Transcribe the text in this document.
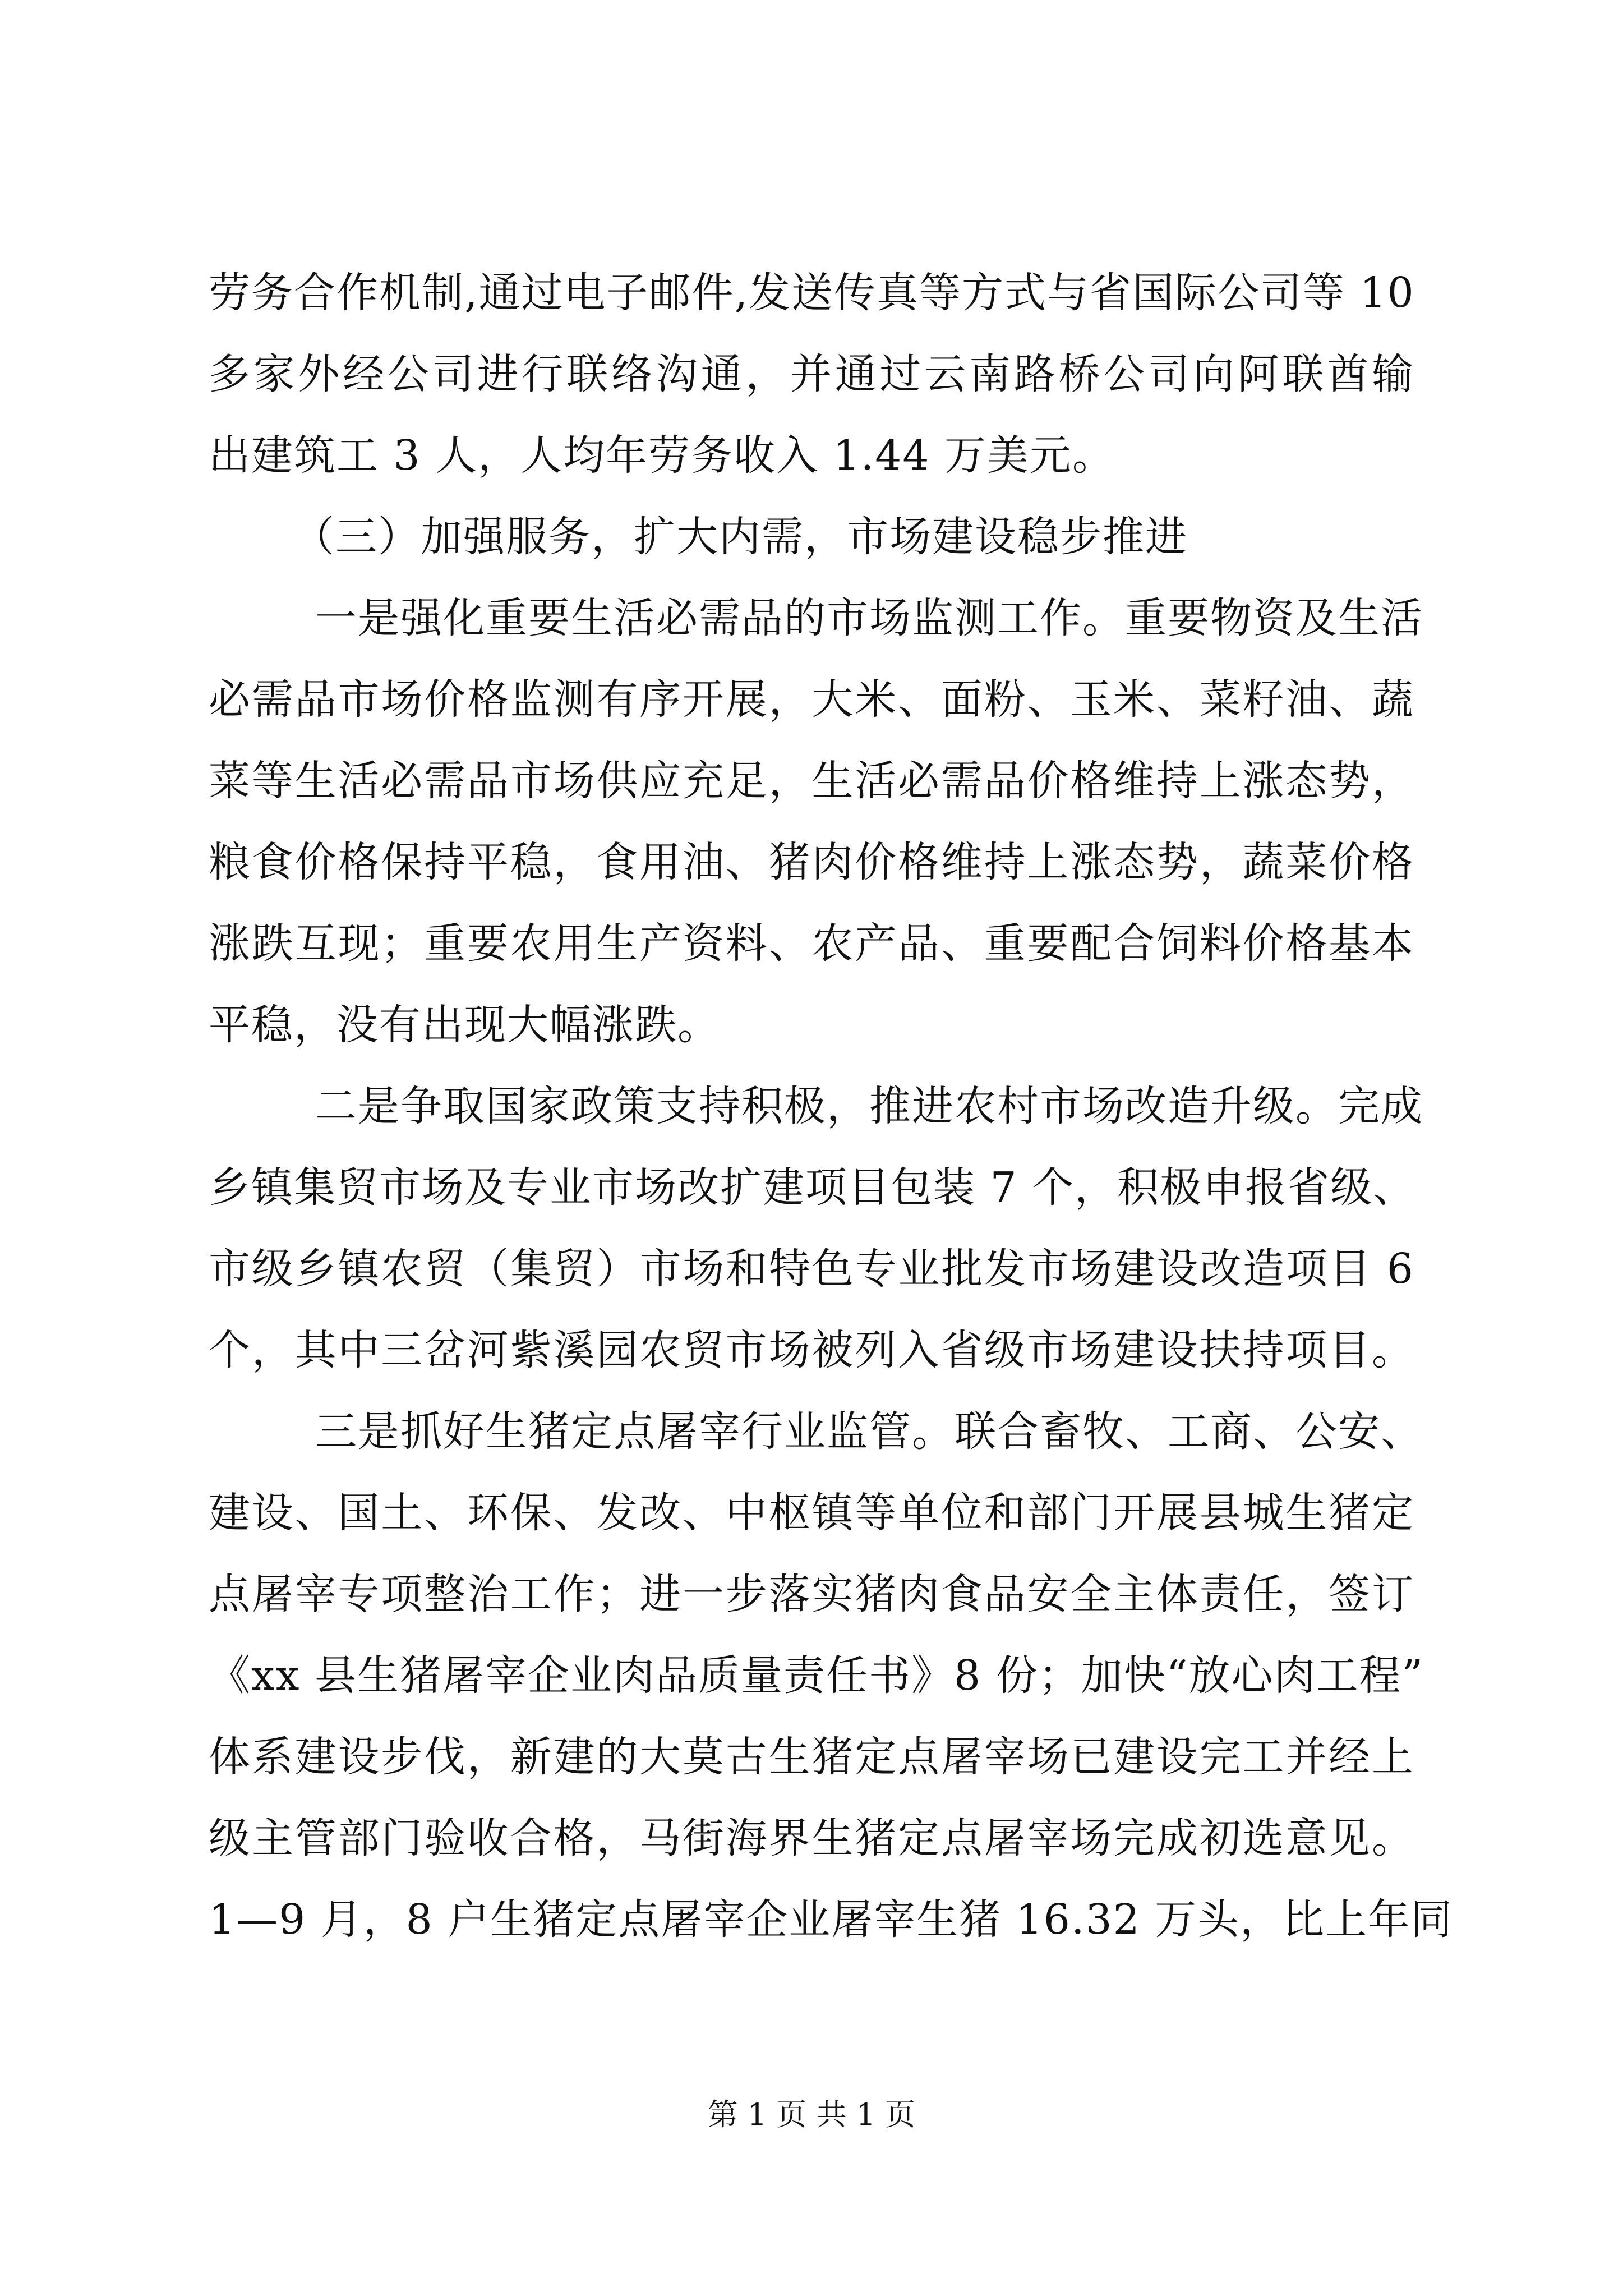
劳务合作机制,通过电子邮件,发送传真等方式与省国际公司等 10
多家外经公司进行联络沟通，并通过云南路桥公司向阿联酋输
出建筑工 3 人，人均年劳务收入 1.44 万美元。
（三）加强服务，扩大内需，市场建设稳步推进
一是强化重要生活必需品的市场监测工作。重要物资及生活
必需品市场价格监测有序开展，大米、面粉、玉米、菜籽油、蔬
菜等生活必需品市场供应充足，生活必需品价格维持上涨态势，
粮食价格保持平稳，食用油、猪肉价格维持上涨态势，蔬菜价格
涨跌互现；重要农用生产资料、农产品、重要配合饲料价格基本
平稳，没有出现大幅涨跌。
二是争取国家政策支持积极，推进农村市场改造升级。完成
乡镇集贸市场及专业市场改扩建项目包装 7 个，积极申报省级、
市级乡镇农贸（集贸）市场和特色专业批发市场建设改造项目 6
个，其中三岔河紫溪园农贸市场被列入省级市场建设扶持项目。
三是抓好生猪定点屠宰行业监管。联合畜牧、工商、公安、
建设、国土、环保、发改、中枢镇等单位和部门开展县城生猪定
点屠宰专项整治工作；进一步落实猪肉食品安全主体责任，签订
《xx 县生猪屠宰企业肉品质量责任书》8 份；加快“放心肉工程”
体系建设步伐，新建的大莫古生猪定点屠宰场已建设完工并经上
级主管部门验收合格，马街海界生猪定点屠宰场完成初选意见。
1—9 月，8 户生猪定点屠宰企业屠宰生猪 16.32 万头，比上年同
第 1 页 共 1 页
